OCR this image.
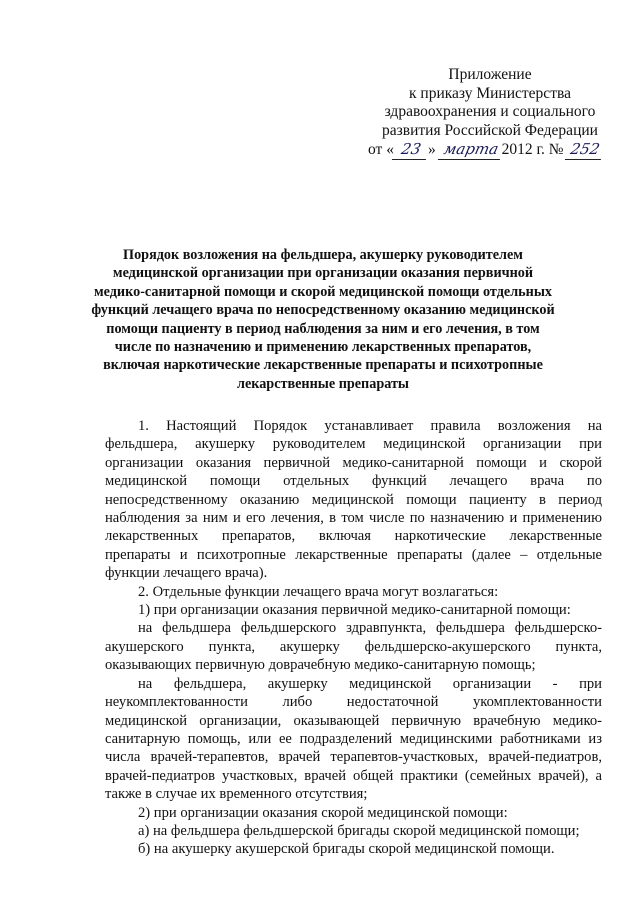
Приложение
к приказу Министерства
здравоохранения и социального
развития Российской Федерации
от « 23 » марта 2012 г. № 252
Порядок возложения на фельдшера, акушерку руководителем
медицинской организации при организации оказания первичной
медико-санитарной помощи и скорой медицинской помощи отдельных
функций лечащего врача по непосредственному оказанию медицинской
помощи пациенту в период наблюдения за ним и его лечения, в том
числе по назначению и применению лекарственных препаратов,
включая наркотические лекарственные препараты и психотропные
лекарственные препараты
1. Настоящий Порядок устанавливает правила возложения на
фельдшера, акушерку руководителем медицинской организации при
организации оказания первичной медико-санитарной помощи и скорой
медицинской помощи отдельных функций лечащего врача по
непосредственному оказанию медицинской помощи пациенту в период
наблюдения за ним и его лечения, в том числе по назначению и применению
лекарственных препаратов, включая наркотические лекарственные
препараты и психотропные лекарственные препараты (далее – отдельные
функции лечащего врача).
2. Отдельные функции лечащего врача могут возлагаться:
1) при организации оказания первичной медико-санитарной помощи:
на фельдшера фельдшерского здравпункта, фельдшера фельдшерско-
акушерского пункта, акушерку фельдшерско-акушерского пункта,
оказывающих первичную доврачебную медико-санитарную помощь;
на фельдшера, акушерку медицинской организации - при
неукомплектованности либо недостаточной укомплектованности
медицинской организации, оказывающей первичную врачебную медико-
санитарную помощь, или ее подразделений медицинскими работниками из
числа врачей-терапевтов, врачей терапевтов-участковых, врачей-педиатров,
врачей-педиатров участковых, врачей общей практики (семейных врачей), а
также в случае их временного отсутствия;
2) при организации оказания скорой медицинской помощи:
а) на фельдшера фельдшерской бригады скорой медицинской помощи;
б) на акушерку акушерской бригады скорой медицинской помощи.
